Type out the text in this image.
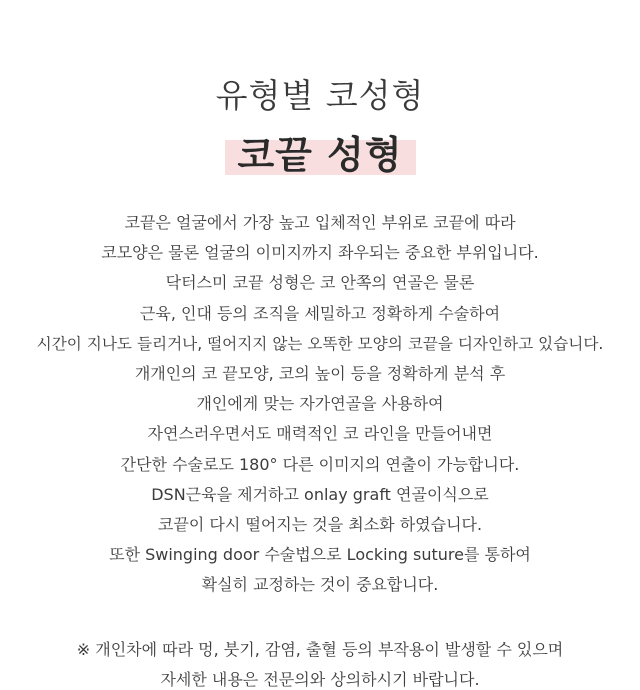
유형별 코성형
코끝 성형
코끝은 얼굴에서 가장 높고 입체적인 부위로 코끝에 따라
코모양은 물론 얼굴의 이미지까지 좌우되는 중요한 부위입니다.
닥터스미 코끝 성형은 코 안쪽의 연골은 물론
근육, 인대 등의 조직을 세밀하고 정확하게 수술하여
시간이 지나도 들리거나, 떨어지지 않는 오똑한 모양의 코끝을 디자인하고 있습니다.
개개인의 코 끝모양, 코의 높이 등을 정확하게 분석 후
개인에게 맞는 자가연골을 사용하여
자연스러우면서도 매력적인 코 라인을 만들어내면
간단한 수술로도 180° 다른 이미지의 연출이 가능합니다.
DSN근육을 제거하고 onlay graft 연골이식으로
코끝이 다시 떨어지는 것을 최소화 하였습니다.
또한 Swinging door 수술법으로 Locking suture를 통하여
확실히 교정하는 것이 중요합니다.
※ 개인차에 따라 멍, 붓기, 감염, 출혈 등의 부작용이 발생할 수 있으며
자세한 내용은 전문의와 상의하시기 바랍니다.
